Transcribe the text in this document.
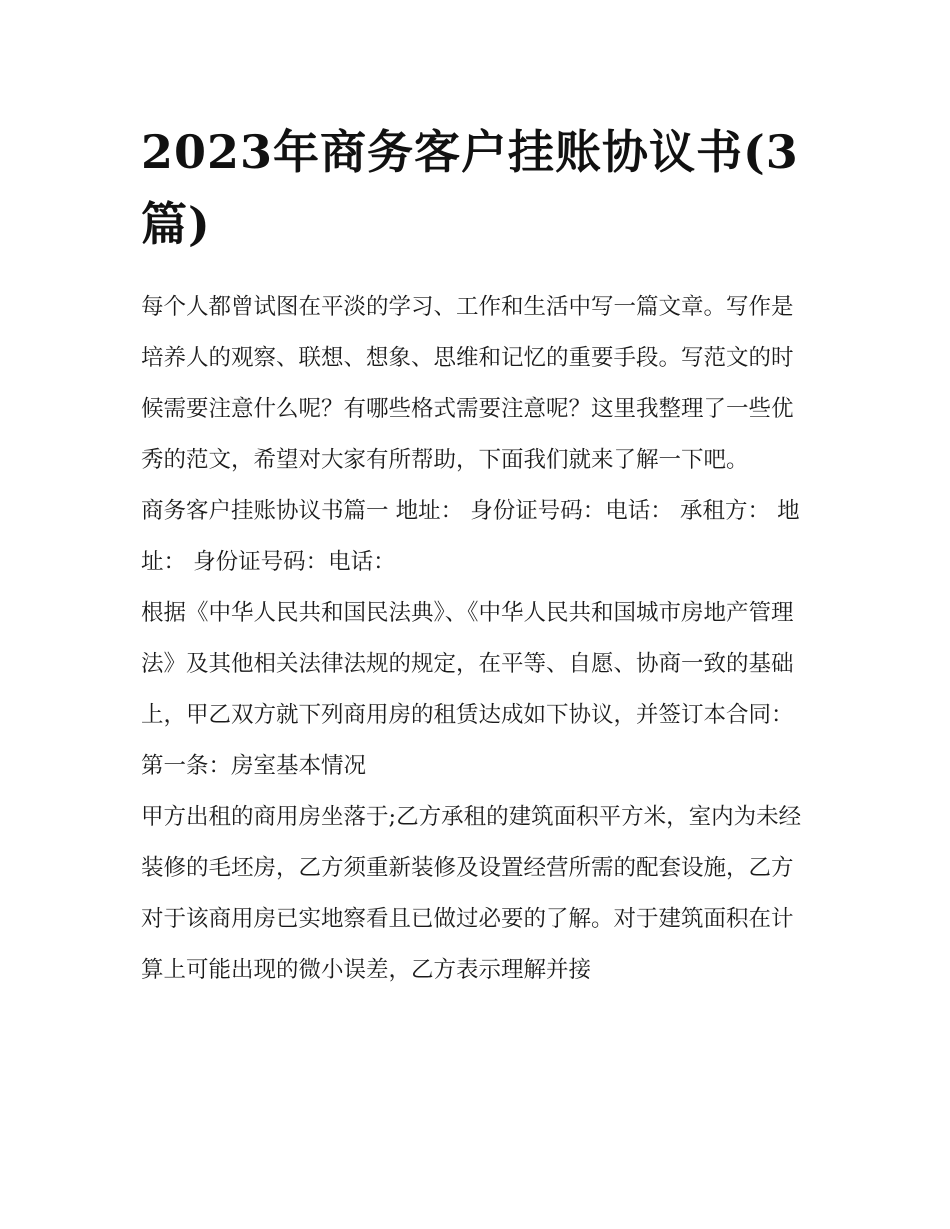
2023年商务客户挂账协议书(3篇)

每个人都曾试图在平淡的学习、工作和生活中写一篇文章。写作是培养人的观察、联想、想象、思维和记忆的重要手段。写范文的时候需要注意什么呢？有哪些格式需要注意呢？这里我整理了一些优秀的范文，希望对大家有所帮助，下面我们就来了解一下吧。

商务客户挂账协议书篇一 地址： 身份证号码：电话： 承租方： 地址： 身份证号码：电话：

根据《中华人民共和国民法典》、《中华人民共和国城市房地产管理法》及其他相关法律法规的规定，在平等、自愿、协商一致的基础上，甲乙双方就下列商用房的租赁达成如下协议，并签订本合同：

第一条：房室基本情况

甲方出租的商用房坐落于;乙方承租的建筑面积平方米，室内为未经装修的毛坯房，乙方须重新装修及设置经营所需的配套设施，乙方对于该商用房已实地察看且已做过必要的了解。对于建筑面积在计算上可能出现的微小误差，乙方表示理解并接
